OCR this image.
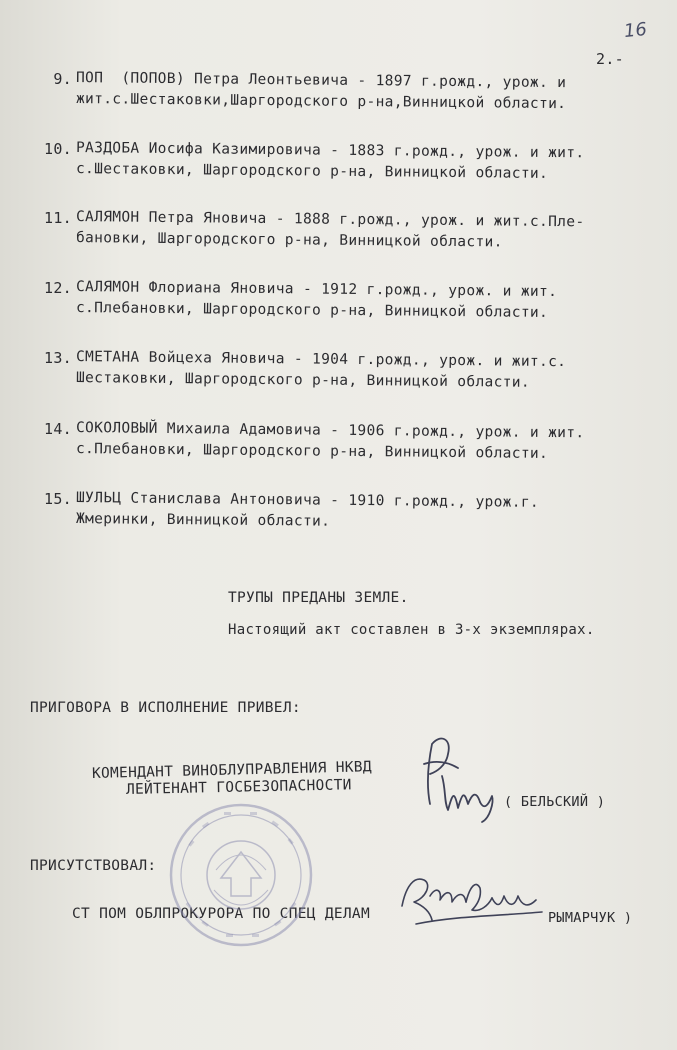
16
2.-
9. ПОП  (ПОПОВ) Петра Леонтьевича - 1897 г.рожд., урож. и
жит.с.Шестаковки,Шаргородского р-на,Винницкой области.
10. РАЗДОБА Иосифа Казимировича - 1883 г.рожд., урож. и жит.
с.Шестаковки, Шаргородского р-на, Винницкой области.
11. САЛЯМОН Петра Яновича - 1888 г.рожд., урож. и жит.с.Пле-
бановки, Шаргородского р-на, Винницкой области.
12. САЛЯМОН Флориана Яновича - 1912 г.рожд., урож. и жит.
с.Плебановки, Шаргородского р-на, Винницкой области.
13. СМЕТАНА Войцеха Яновича - 1904 г.рожд., урож. и жит.с.
Шестаковки, Шаргородского р-на, Винницкой области.
14. СОКОЛОВЫЙ Михаила Адамовича - 1906 г.рожд., урож. и жит.
с.Плебановки, Шаргородского р-на, Винницкой области.
15. ШУЛЬЦ Станислава Антоновича - 1910 г.рожд., урож.г.
Жмеринки, Винницкой области.
ТРУПЫ ПРЕДАНЫ ЗЕМЛЕ.
Настоящий акт составлен в 3-х экземплярах.
ПРИГОВОРА В ИСПОЛНЕНИЕ ПРИВЕЛ:
КОМЕНДАНТ ВИНОБЛУПРАВЛЕНИЯ НКВД
ЛЕЙТЕНАНТ ГОСБЕЗОПАСНОСТИ
( БЕЛЬСКИЙ )
ПРИСУТСТВОВАЛ:
СТ ПОМ ОБЛПРОКУРОРА ПО СПЕЦ ДЕЛАМ	РЫМАРЧУК )
